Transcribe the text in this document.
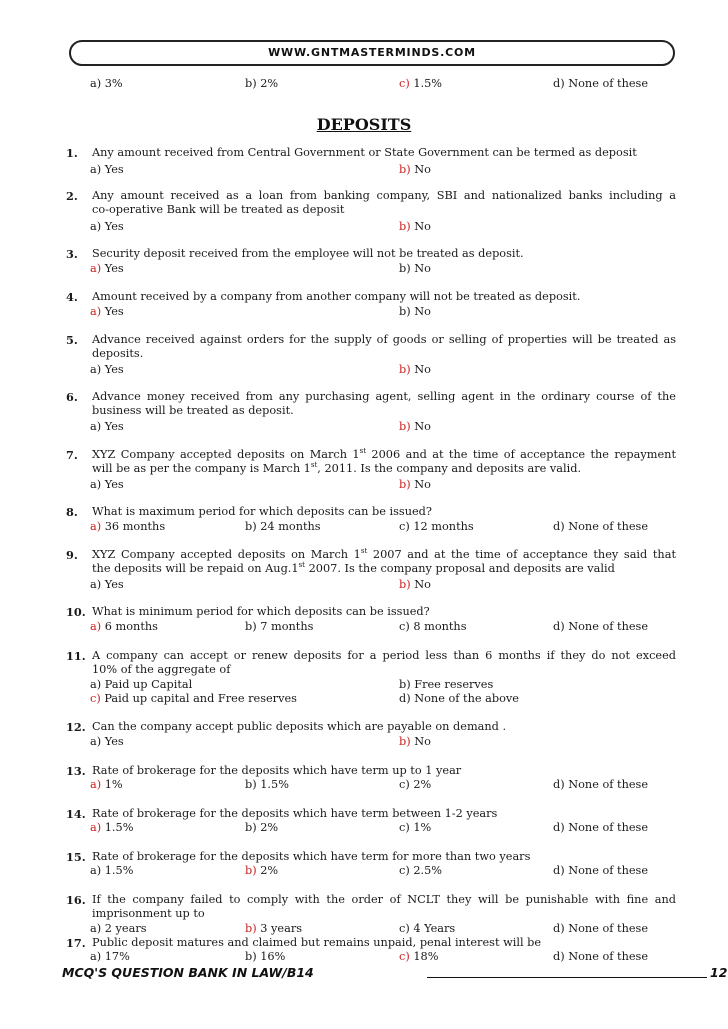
WWW.GNTMASTERMINDS.COM
a) 3%	b) 2%	c) 1.5%	d) None of these
DEPOSITS
1. Any amount received from Central Government or State Government can be termed as deposit
a) Yes	b) No
2. Any amount received as a loan from banking company, SBI and nationalized banks including a
co-operative Bank will be treated as deposit
a) Yes	b) No
3. Security deposit received from the employee will not be treated as deposit.
a) Yes	b) No
4. Amount received by a company from another company will not be treated as deposit.
a) Yes	b) No
5. Advance received against orders for the supply of goods or selling of properties will be treated as
deposits.
a) Yes	b) No
6. Advance money received from any purchasing agent, selling agent in the ordinary course of the
business will be treated as deposit.
a) Yes	b) No
7. XYZ Company accepted deposits on March 1st 2006 and at the time of acceptance the repayment
will be as per the company is March 1st, 2011. Is the company and deposits are valid.
a) Yes	b) No
8. What is maximum period for which deposits can be issued?
a) 36 months	b) 24 months	c) 12 months	d) None of these
9. XYZ Company accepted deposits on March 1st 2007 and at the time of acceptance they said that
the deposits will be repaid on Aug.1st 2007. Is the company proposal and deposits are valid
a) Yes	b) No
10. What is minimum period for which deposits can be issued?
a) 6 months	b) 7 months	c) 8 months	d) None of these
11. A company can accept or renew deposits for a period less than 6 months if they do not exceed
10% of the aggregate of
a) Paid up Capital	b) Free reserves
c) Paid up capital and Free reserves	d) None of the above
12. Can the company accept public deposits which are payable on demand .
a) Yes	b) No
13. Rate of brokerage for the deposits which have term up to 1 year
a) 1%	b) 1.5%	c) 2%	d) None of these
14. Rate of brokerage for the deposits which have term between 1-2 years
a) 1.5%	b) 2%	c) 1%	d) None of these
15. Rate of brokerage for the deposits which have term for more than two years
a) 1.5%	b) 2%	c) 2.5%	d) None of these
16. If the company failed to comply with the order of NCLT they will be punishable with fine and
imprisonment up to
a) 2 years	b) 3 years	c) 4 Years	d) None of these
17. Public deposit matures and claimed but remains unpaid, penal interest will be
a) 17%	b) 16%	c) 18%	d) None of these
MCQ'S QUESTION BANK IN LAW/B14	12
